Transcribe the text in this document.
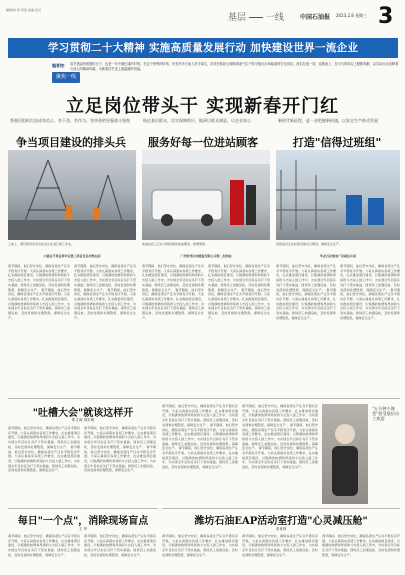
编辑/杨 毅 审读 美编 校对
基层 一线	中国石油报 2023.2.8 星期三 3
学习贯彻二十大精神 实施高质量发展行动 加快建设世界一流企业
编者按： 春节是阖家团圆的日子，也是一年中最忙碌的时刻。在这个特殊的时刻，仍有许多石油人坚守岗位，用责任和担当保障着油气生产的平稳运行和能源的安全供应。他们扎根一线、迎难而上，在平凡的岗位上默默奉献，以实际行动诠释着石油人的精神风貌，为新春佳节送上最温暖的祝福。
聚焦一线
立足岗位带头干 实现新春开门红
将基层组织打造成有信心、有干劲、有作为、有冲劲的坚强战斗堡垒	贴近基层群众、切实保障供应，做到让群众满意、让企业放心	新时代新征程，进一步把握新机遇，以安全生产推动发展
争当项目建设的排头兵	服务好每一位进站顾客	打造"信得过班组"
工地上，项目部党员突击队员正在进行施工作业。	加油站员工正在为顾客提供加油服务，热情周到。	班组成员正在检查设备运行情况，确保安全生产。
小铺总平项目部牢记第三项目党员冲锋在前	广西钦州石油储备有限公司第二加油站	华北石化炼油厂常减压车间
春节期间，他们坚守岗位，确保各项生产任务平稳有序开展。大家认真落实各项工作要求，扎实推进项目建设，以饱满的热情和昂扬的斗志投入到工作中，为实现全年目标任务打下坚实基础。现场员工加强巡检，及时发现和处理隐患，保障安全生产。 春节期间，他们坚守岗位，确保各项生产任务平稳有序开展。大家认真落实各项工作要求，扎实推进项目建设，以饱满的热情和昂扬的斗志投入到工作中，为实现全年目标任务打下坚实基础。现场员工加强巡检，及时发现和处理隐患，保障安全生产。
春节期间，他们坚守岗位，确保各项生产任务平稳有序开展。大家认真落实各项工作要求，扎实推进项目建设，以饱满的热情和昂扬的斗志投入到工作中，为实现全年目标任务打下坚实基础。现场员工加强巡检，及时发现和处理隐患，保障安全生产。 春节期间，他们坚守岗位，确保各项生产任务平稳有序开展。大家认真落实各项工作要求，扎实推进项目建设，以饱满的热情和昂扬的斗志投入到工作中，为实现全年目标任务打下坚实基础。现场员工加强巡检，及时发现和处理隐患，保障安全生产。
春节期间，他们坚守岗位，确保各项生产任务平稳有序开展。大家认真落实各项工作要求，扎实推进项目建设，以饱满的热情和昂扬的斗志投入到工作中，为实现全年目标任务打下坚实基础。现场员工加强巡检，及时发现和处理隐患，保障安全生产。 春节期间，他们坚守岗位，确保各项生产任务平稳有序开展。大家认真落实各项工作要求，扎实推进项目建设，以饱满的热情和昂扬的斗志投入到工作中，为实现全年目标任务打下坚实基础。现场员工加强巡检，及时发现和处理隐患，保障安全生产。
春节期间，他们坚守岗位，确保各项生产任务平稳有序开展。大家认真落实各项工作要求，扎实推进项目建设，以饱满的热情和昂扬的斗志投入到工作中，为实现全年目标任务打下坚实基础。现场员工加强巡检，及时发现和处理隐患，保障安全生产。 春节期间，他们坚守岗位，确保各项生产任务平稳有序开展。大家认真落实各项工作要求，扎实推进项目建设，以饱满的热情和昂扬的斗志投入到工作中，为实现全年目标任务打下坚实基础。现场员工加强巡检，及时发现和处理隐患，保障安全生产。
春节期间，他们坚守岗位，确保各项生产任务平稳有序开展。大家认真落实各项工作要求，扎实推进项目建设，以饱满的热情和昂扬的斗志投入到工作中，为实现全年目标任务打下坚实基础。现场员工加强巡检，及时发现和处理隐患，保障安全生产。 春节期间，他们坚守岗位，确保各项生产任务平稳有序开展。大家认真落实各项工作要求，扎实推进项目建设，以饱满的热情和昂扬的斗志投入到工作中，为实现全年目标任务打下坚实基础。现场员工加强巡检，及时发现和处理隐患，保障安全生产。
春节期间，他们坚守岗位，确保各项生产任务平稳有序开展。大家认真落实各项工作要求，扎实推进项目建设，以饱满的热情和昂扬的斗志投入到工作中，为实现全年目标任务打下坚实基础。现场员工加强巡检，及时发现和处理隐患，保障安全生产。 春节期间，他们坚守岗位，确保各项生产任务平稳有序开展。大家认真落实各项工作要求，扎实推进项目建设，以饱满的热情和昂扬的斗志投入到工作中，为实现全年目标任务打下坚实基础。现场员工加强巡检，及时发现和处理隐患，保障安全生产。
"吐槽大会"就该这样开
郑文涛 刘东明
春节期间，他们坚守岗位，确保各项生产任务平稳有序开展。大家认真落实各项工作要求，扎实推进项目建设，以饱满的热情和昂扬的斗志投入到工作中，为实现全年目标任务打下坚实基础。现场员工加强巡检，及时发现和处理隐患，保障安全生产。 春节期间，他们坚守岗位，确保各项生产任务平稳有序开展。大家认真落实各项工作要求，扎实推进项目建设，以饱满的热情和昂扬的斗志投入到工作中，为实现全年目标任务打下坚实基础。现场员工加强巡检，及时发现和处理隐患，保障安全生产。
春节期间，他们坚守岗位，确保各项生产任务平稳有序开展。大家认真落实各项工作要求，扎实推进项目建设，以饱满的热情和昂扬的斗志投入到工作中，为实现全年目标任务打下坚实基础。现场员工加强巡检，及时发现和处理隐患，保障安全生产。 春节期间，他们坚守岗位，确保各项生产任务平稳有序开展。大家认真落实各项工作要求，扎实推进项目建设，以饱满的热情和昂扬的斗志投入到工作中，为实现全年目标任务打下坚实基础。现场员工加强巡检，及时发现和处理隐患，保障安全生产。
春节期间，他们坚守岗位，确保各项生产任务平稳有序开展。大家认真落实各项工作要求，扎实推进项目建设，以饱满的热情和昂扬的斗志投入到工作中，为实现全年目标任务打下坚实基础。现场员工加强巡检，及时发现和处理隐患，保障安全生产。 春节期间，他们坚守岗位，确保各项生产任务平稳有序开展。大家认真落实各项工作要求，扎实推进项目建设，以饱满的热情和昂扬的斗志投入到工作中，为实现全年目标任务打下坚实基础。现场员工加强巡检，及时发现和处理隐患，保障安全生产。 春节期间，他们坚守岗位，确保各项生产任务平稳有序开展。大家认真落实各项工作要求，扎实推进项目建设，以饱满的热情和昂扬的斗志投入到工作中，为实现全年目标任务打下坚实基础。现场员工加强巡检，及时发现和处理隐患，保障安全生产。
春节期间，他们坚守岗位，确保各项生产任务平稳有序开展。大家认真落实各项工作要求，扎实推进项目建设，以饱满的热情和昂扬的斗志投入到工作中，为实现全年目标任务打下坚实基础。现场员工加强巡检，及时发现和处理隐患，保障安全生产。 春节期间，他们坚守岗位，确保各项生产任务平稳有序开展。大家认真落实各项工作要求，扎实推进项目建设，以饱满的热情和昂扬的斗志投入到工作中，为实现全年目标任务打下坚实基础。现场员工加强巡检，及时发现和处理隐患，保障安全生产。 春节期间，他们坚守岗位，确保各项生产任务平稳有序开展。大家认真落实各项工作要求，扎实推进项目建设，以饱满的热情和昂扬的斗志投入到工作中，为实现全年目标任务打下坚实基础。现场员工加强巡检，及时发现和处理隐患，保障安全生产。
"五分钟小课堂"很受基层员工欢迎
每日"一个点"，消除现场盲点
王 军
春节期间，他们坚守岗位，确保各项生产任务平稳有序开展。大家认真落实各项工作要求，扎实推进项目建设，以饱满的热情和昂扬的斗志投入到工作中，为实现全年目标任务打下坚实基础。现场员工加强巡检，及时发现和处理隐患，保障安全生产。
春节期间，他们坚守岗位，确保各项生产任务平稳有序开展。大家认真落实各项工作要求，扎实推进项目建设，以饱满的热情和昂扬的斗志投入到工作中，为实现全年目标任务打下坚实基础。现场员工加强巡检，及时发现和处理隐患，保障安全生产。
潍坊石油EAP活动室打造"心灵减压舱"
宋世林
春节期间，他们坚守岗位，确保各项生产任务平稳有序开展。大家认真落实各项工作要求，扎实推进项目建设，以饱满的热情和昂扬的斗志投入到工作中，为实现全年目标任务打下坚实基础。现场员工加强巡检，及时发现和处理隐患，保障安全生产。
春节期间，他们坚守岗位，确保各项生产任务平稳有序开展。大家认真落实各项工作要求，扎实推进项目建设，以饱满的热情和昂扬的斗志投入到工作中，为实现全年目标任务打下坚实基础。现场员工加强巡检，及时发现和处理隐患，保障安全生产。
春节期间，他们坚守岗位，确保各项生产任务平稳有序开展。大家认真落实各项工作要求，扎实推进项目建设，以饱满的热情和昂扬的斗志投入到工作中，为实现全年目标任务打下坚实基础。现场员工加强巡检，及时发现和处理隐患，保障安全生产。
